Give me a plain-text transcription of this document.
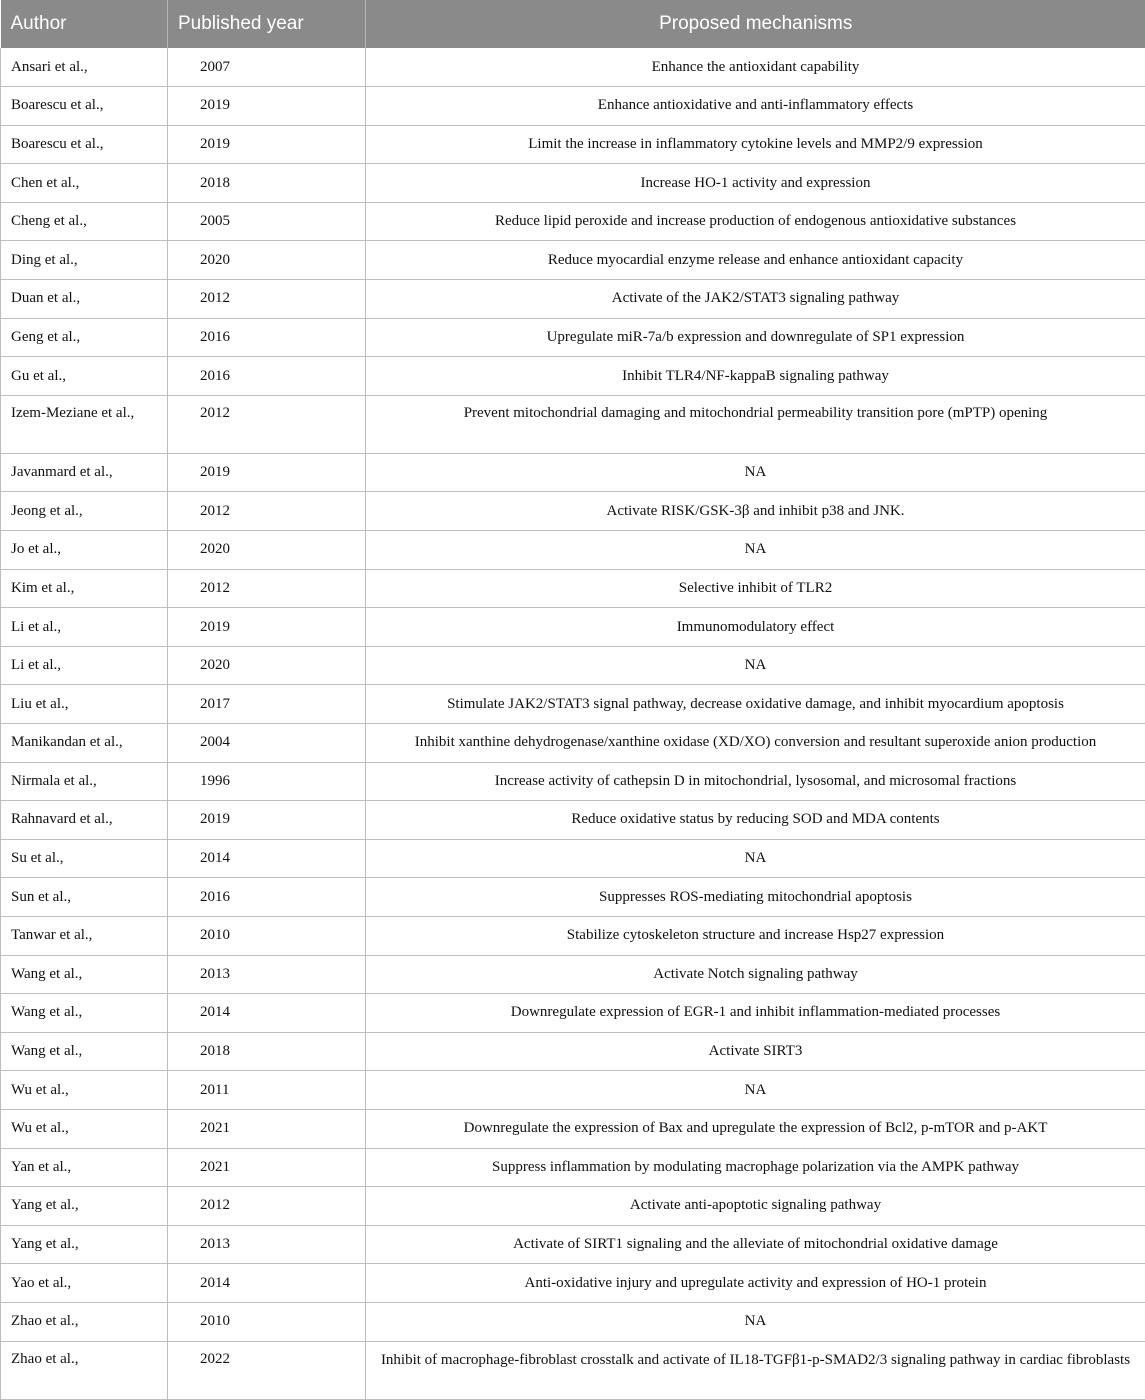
Author	Published year	Proposed mechanisms
Ansari et al.,	2007	Enhance the antioxidant capability
Boarescu et al.,	2019	Enhance antioxidative and anti-inflammatory effects
Boarescu et al.,	2019	Limit the increase in inflammatory cytokine levels and MMP2/9 expression
Chen et al.,	2018	Increase HO-1 activity and expression
Cheng et al.,	2005	Reduce lipid peroxide and increase production of endogenous antioxidative substances
Ding et al.,	2020	Reduce myocardial enzyme release and enhance antioxidant capacity
Duan et al.,	2012	Activate of the JAK2/STAT3 signaling pathway
Geng et al.,	2016	Upregulate miR-7a/b expression and downregulate of SP1 expression
Gu et al.,	2016	Inhibit TLR4/NF-kappaB signaling pathway
Izem-Meziane et al.,	2012	Prevent mitochondrial damaging and mitochondrial permeability transition pore (mPTP) opening
Javanmard et al.,	2019	NA
Jeong et al.,	2012	Activate RISK/GSK-3β and inhibit p38 and JNK.
Jo et al.,	2020	NA
Kim et al.,	2012	Selective inhibit of TLR2
Li et al.,	2019	Immunomodulatory effect
Li et al.,	2020	NA
Liu et al.,	2017	Stimulate JAK2/STAT3 signal pathway, decrease oxidative damage, and inhibit myocardium apoptosis
Manikandan et al.,	2004	Inhibit xanthine dehydrogenase/xanthine oxidase (XD/XO) conversion and resultant superoxide anion production
Nirmala et al.,	1996	Increase activity of cathepsin D in mitochondrial, lysosomal, and microsomal fractions
Rahnavard et al.,	2019	Reduce oxidative status by reducing SOD and MDA contents
Su et al.,	2014	NA
Sun et al.,	2016	Suppresses ROS-mediating mitochondrial apoptosis
Tanwar et al.,	2010	Stabilize cytoskeleton structure and increase Hsp27 expression
Wang et al.,	2013	Activate Notch signaling pathway
Wang et al.,	2014	Downregulate expression of EGR-1 and inhibit inflammation-mediated processes
Wang et al.,	2018	Activate SIRT3
Wu et al.,	2011	NA
Wu et al.,	2021	Downregulate the expression of Bax and upregulate the expression of Bcl2, p-mTOR and p-AKT
Yan et al.,	2021	Suppress inflammation by modulating macrophage polarization via the AMPK pathway
Yang et al.,	2012	Activate anti-apoptotic signaling pathway
Yang et al.,	2013	Activate of SIRT1 signaling and the alleviate of mitochondrial oxidative damage
Yao et al.,	2014	Anti-oxidative injury and upregulate activity and expression of HO-1 protein
Zhao et al.,	2010	NA
Zhao et al.,	2022	Inhibit of macrophage-fibroblast crosstalk and activate of IL18-TGFβ1-p-SMAD2/3 signaling pathway in cardiac fibroblasts
